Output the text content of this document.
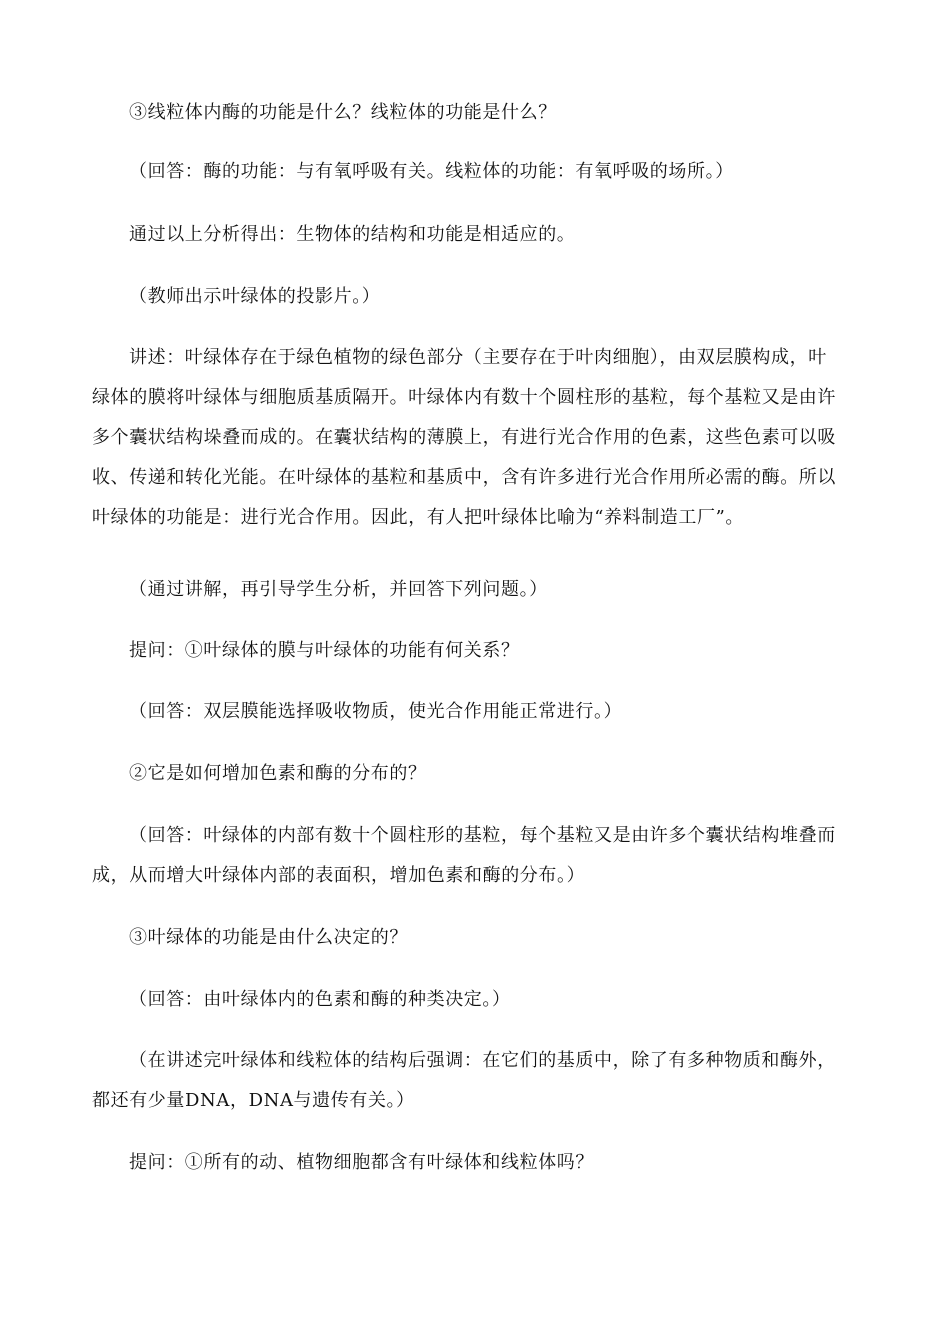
③线粒体内酶的功能是什么？线粒体的功能是什么？
（回答：酶的功能：与有氧呼吸有关。线粒体的功能：有氧呼吸的场所。）
通过以上分析得出：生物体的结构和功能是相适应的。
（教师出示叶绿体的投影片。）
讲述：叶绿体存在于绿色植物的绿色部分（主要存在于叶肉细胞），由双层膜构成，叶
绿体的膜将叶绿体与细胞质基质隔开。叶绿体内有数十个圆柱形的基粒，每个基粒又是由许
多个囊状结构垛叠而成的。在囊状结构的薄膜上，有进行光合作用的色素，这些色素可以吸
收、传递和转化光能。在叶绿体的基粒和基质中，含有许多进行光合作用所必需的酶。所以
叶绿体的功能是：进行光合作用。因此，有人把叶绿体比喻为“养料制造工厂”。
（通过讲解，再引导学生分析，并回答下列问题。）
提问：①叶绿体的膜与叶绿体的功能有何关系？
（回答：双层膜能选择吸收物质，使光合作用能正常进行。）
②它是如何增加色素和酶的分布的？
（回答：叶绿体的内部有数十个圆柱形的基粒，每个基粒又是由许多个囊状结构堆叠而
成，从而增大叶绿体内部的表面积，增加色素和酶的分布。）
③叶绿体的功能是由什么决定的？
（回答：由叶绿体内的色素和酶的种类决定。）
（在讲述完叶绿体和线粒体的结构后强调：在它们的基质中，除了有多种物质和酶外，
都还有少量DNA，DNA与遗传有关。）
提问：①所有的动、植物细胞都含有叶绿体和线粒体吗？
